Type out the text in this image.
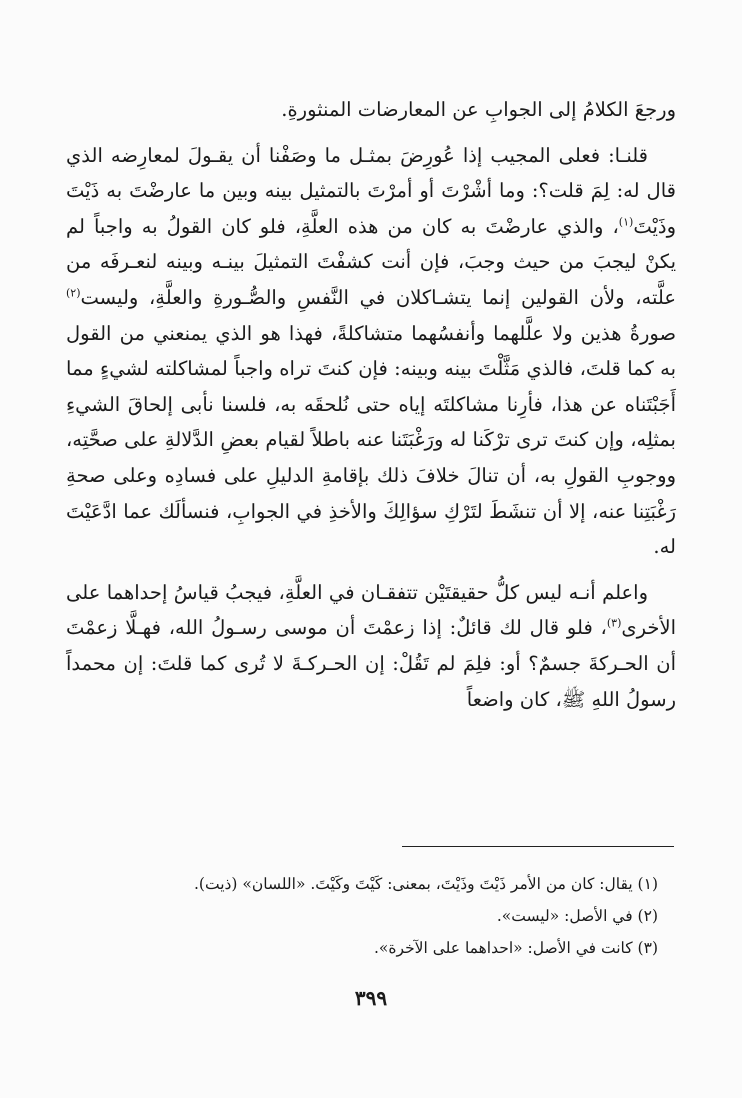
ورجعَ الكلامُ إلى الجوابِ عن المعارضات المنثورةِ.

قلنـا: فعلى المجيب إذا عُورِضَ بمثـل ما وصَفْنا أن يقـولَ لمعارِضه الذي قال له: لِمَ قلت؟: وما أشْرْتَ أو أمرْتَ بالتمثيل بينه وبين ما عارضْتَ به ذَيْتَ وذَيْتَ$^{(١)}$، والذي عارضْتَ به كان من هذه العلَّةِ، فلو كان القولُ به واجباً لم يكنْ ليجبَ من حيث وجبَ، فإن أنت كشفْتَ التمثيلَ بينـه وبينه لنعـرفَه من علَّته، ولأن القولين إنما يتشـاكلان في النَّفسِ والصُّـورةِ والعلَّةِ، وليست$^{(٢)}$ صورةُ هذين ولا علَّلهما وأنفسُهما متشاكلةً، فهذا هو الذي يمنعني من القول به كما قلتَ، فالذي مَثَّلْتَ بينه وبينه: فإن كنتَ تراه واجباً لمشاكلته لشيءٍ مما أَجَبْتَناه عن هذا، فأرِنا مشاكلتَه إياه حتى نُلحقَه به، فلسنا نأبى إلحاقَ الشيءِ بمثلِه، وإن كنتَ ترى ترْكَنا له ورَغْبَتَنا عنه باطلاً لقيام بعضِ الدَّلالةِ على صحَّتِه، ووجوبِ القولِ به، أن تنالَ خلافَ ذلك بإقامةِ الدليلِ على فسادِه وعلى صحةِ رَغْبَتِنا عنه، إلا أن تنشَطَ لتَرْكِ سؤالِكَ والأخذِ في الجوابِ، فنسألَك عما ادَّعَيْتَ له.

واعلم أنـه ليس كلُّ حقيقتَيْن تتفقـان في العلَّةِ، فيجبُ قياسُ إحداهما على الأخرى$^{(٣)}$، فلو قال لك قائلٌ: إذا زعمْتَ أن موسى رسـولُ الله، فهـلَّا زعمْتَ أن الحـركةَ جسمٌ؟ أو: فلِمَ لم تَقُلْ: إن الحـركـةَ لا تُرى كما قلتَ: إن محمداً رسولُ اللهِ ﷺ، كان واضعاً

(١) يقال: كان من الأمر ذَيْتَ وذَيْتَ، بمعنى: كَيْتَ وكَيْتَ. «اللسان» (ذيت).
(٢) في الأصل: «ليست».
(٣) كانت في الأصل: «احداهما على الآخرة».
٣٩٩
